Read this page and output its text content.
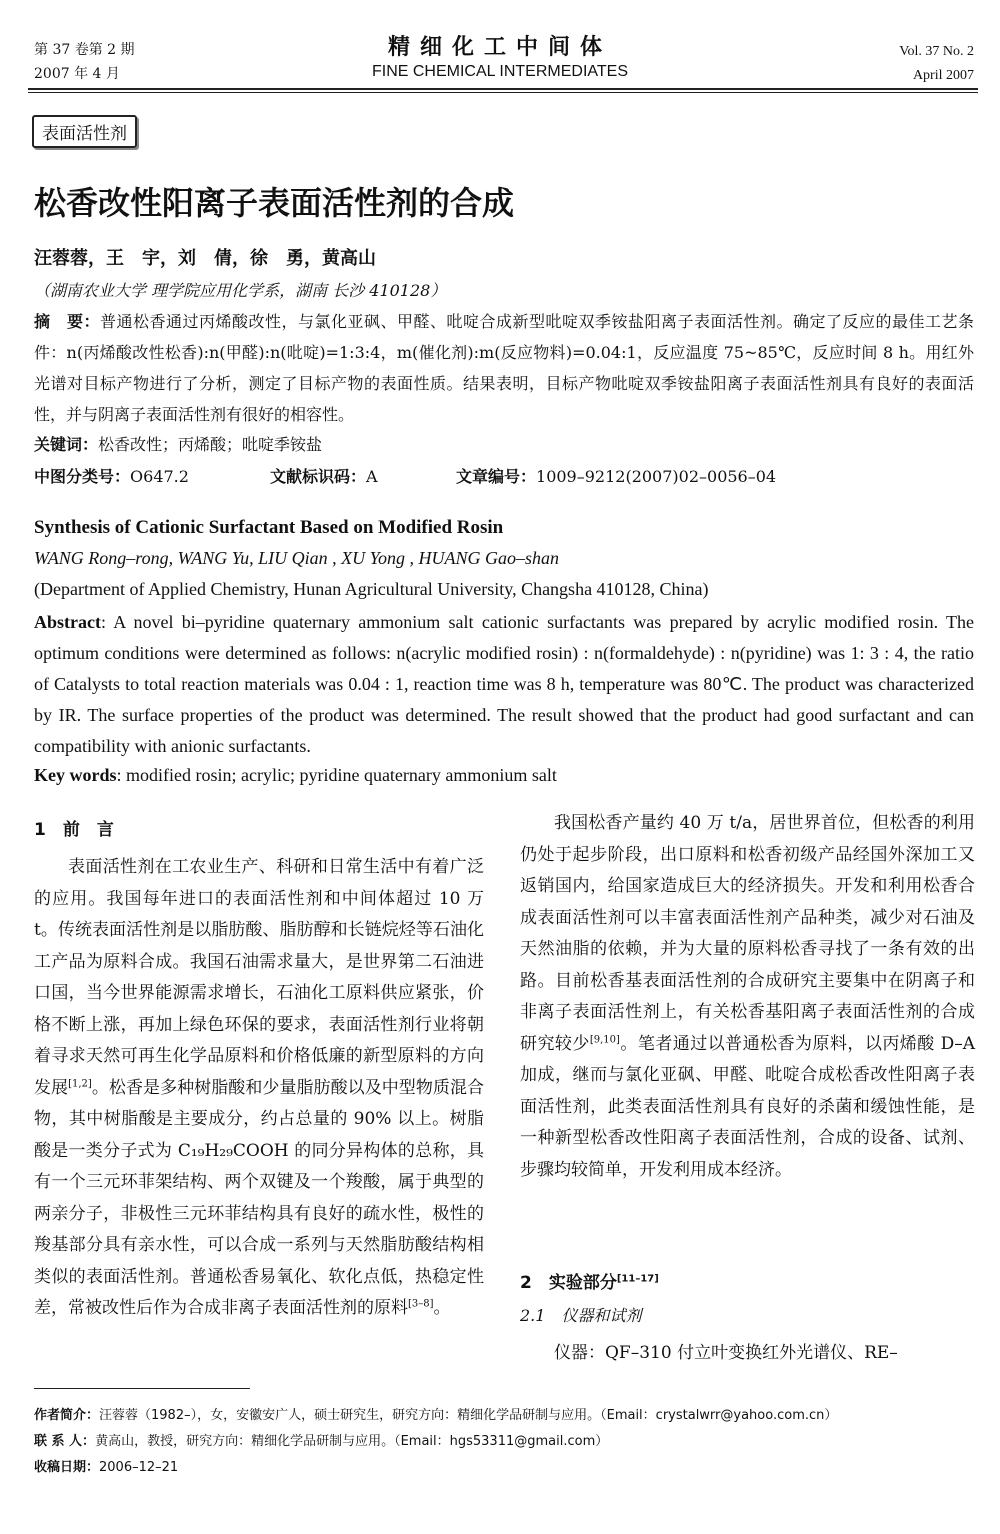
第 37 卷第 2 期
2007 年 4 月
精细化工中间体
FINE CHEMICAL INTERMEDIATES
Vol. 37 No. 2
April 2007
表面活性剂
松香改性阳离子表面活性剂的合成
汪蓉蓉，王　宇，刘　倩，徐　勇，黄高山
（湖南农业大学 理学院应用化学系，湖南 长沙 410128）
摘　要：普通松香通过丙烯酸改性，与氯化亚砜、甲醛、吡啶合成新型吡啶双季铵盐阳离子表面活性剂。确定了反应的最佳工艺条件：n(丙烯酸改性松香):n(甲醛):n(吡啶)=1:3:4，m(催化剂):m(反应物料)=0.04:1，反应温度 75~85℃，反应时间 8 h。用红外光谱对目标产物进行了分析，测定了目标产物的表面性质。结果表明，目标产物吡啶双季铵盐阳离子表面活性剂具有良好的表面活性，并与阴离子表面活性剂有很好的相容性。
关键词：松香改性；丙烯酸；吡啶季铵盐
中图分类号：O647.2	文献标识码：A	文章编号：1009–9212(2007)02–0056–04
Synthesis of Cationic Surfactant Based on Modified Rosin
WANG Rong–rong, WANG Yu, LIU Qian , XU Yong , HUANG Gao–shan
(Department of Applied Chemistry, Hunan Agricultural University, Changsha 410128, China)
Abstract: A novel bi–pyridine quaternary ammonium salt cationic surfactants was prepared by acrylic modified rosin. The optimum conditions were determined as follows: n(acrylic modified rosin) : n(formaldehyde) : n(pyridine) was 1: 3 : 4, the ratio of Catalysts to total reaction materials was 0.04 : 1, reaction time was 8 h, temperature was 80℃. The product was characterized by IR. The surface properties of the product was determined. The result showed that the product had good surfactant and can compatibility with anionic surfactants.
Key words: modified rosin; acrylic; pyridine quaternary ammonium salt
1　前　言
表面活性剂在工农业生产、科研和日常生活中有着广泛的应用。我国每年进口的表面活性剂和中间体超过 10 万 t。传统表面活性剂是以脂肪酸、脂肪醇和长链烷烃等石油化工产品为原料合成。我国石油需求量大，是世界第二石油进口国，当今世界能源需求增长，石油化工原料供应紧张，价格不断上涨，再加上绿色环保的要求，表面活性剂行业将朝着寻求天然可再生化学品原料和价格低廉的新型原料的方向发展[1,2]。松香是多种树脂酸和少量脂肪酸以及中型物质混合物，其中树脂酸是主要成分，约占总量的 90% 以上。树脂酸是一类分子式为 C₁₉H₂₉COOH 的同分异构体的总称，具有一个三元环菲架结构、两个双键及一个羧酸，属于典型的两亲分子，非极性三元环菲结构具有良好的疏水性，极性的羧基部分具有亲水性，可以合成一系列与天然脂肪酸结构相类似的表面活性剂。普通松香易氧化、软化点低，热稳定性差，常被改性后作为合成非离子表面活性剂的原料[3–8]。
我国松香产量约 40 万 t/a，居世界首位，但松香的利用仍处于起步阶段，出口原料和松香初级产品经国外深加工又返销国内，给国家造成巨大的经济损失。开发和利用松香合成表面活性剂可以丰富表面活性剂产品种类，减少对石油及天然油脂的依赖，并为大量的原料松香寻找了一条有效的出路。目前松香基表面活性剂的合成研究主要集中在阴离子和非离子表面活性剂上，有关松香基阳离子表面活性剂的合成研究较少[9,10]。笔者通过以普通松香为原料，以丙烯酸 D–A 加成，继而与氯化亚砜、甲醛、吡啶合成松香改性阳离子表面活性剂，此类表面活性剂具有良好的杀菌和缓蚀性能，是一种新型松香改性阳离子表面活性剂，合成的设备、试剂、步骤均较简单，开发利用成本经济。
2　实验部分[11–17]
2.1　仪器和试剂
仪器：QF–310 付立叶变换红外光谱仪、RE–
作者简介：汪蓉蓉（1982–），女，安徽安广人，硕士研究生，研究方向：精细化学品研制与应用。（Email：crystalwrr@yahoo.com.cn）
联 系 人：黄高山，教授，研究方向：精细化学品研制与应用。（Email：hgs53311@gmail.com）
收稿日期：2006–12–21
